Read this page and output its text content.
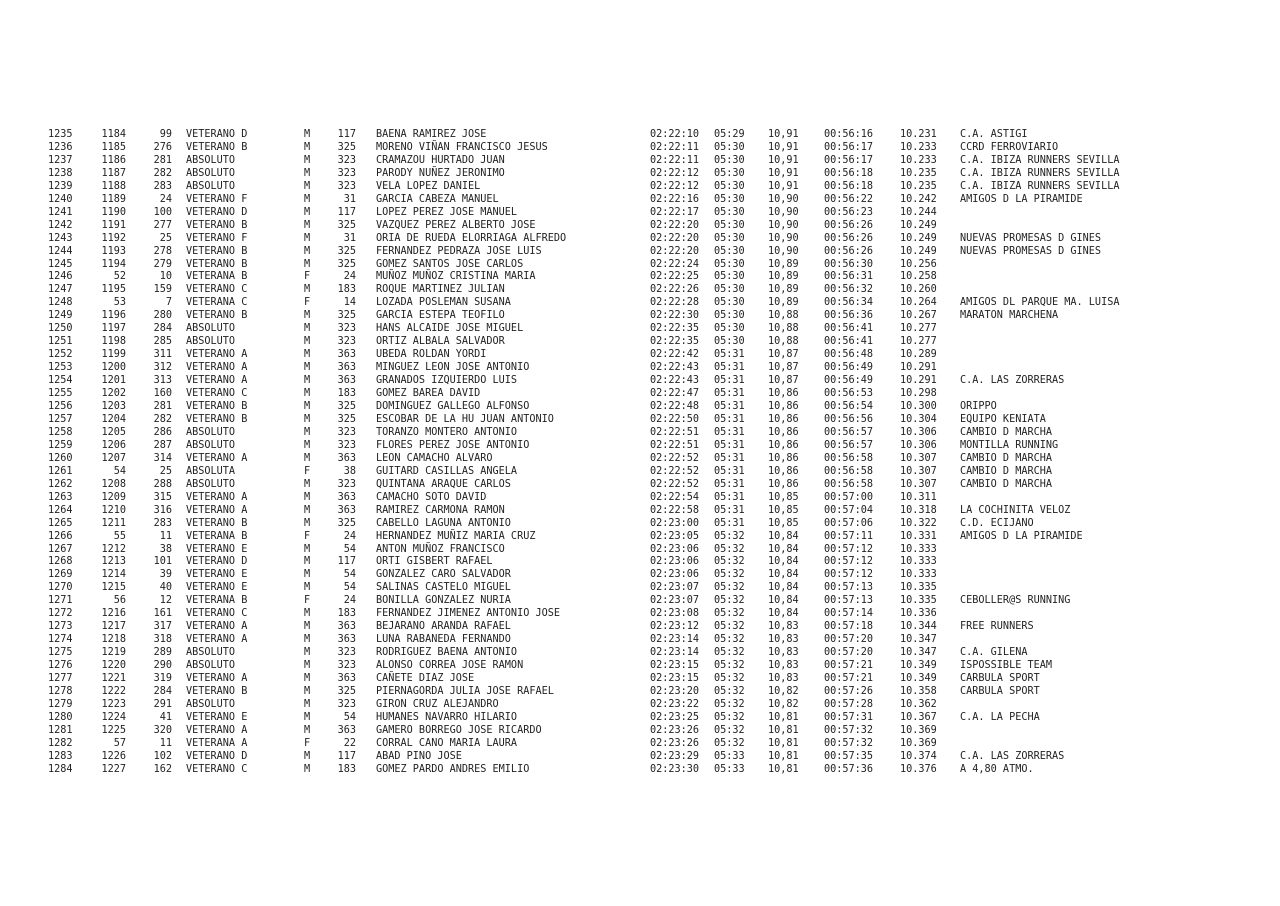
1235	1184	99	VETERANO D	M	117	BAENA RAMIREZ JOSE	02:22:10	05:29	10,91	00:56:16	10.231	C.A. ASTIGI
1236	1185	276	VETERANO B	M	325	MORENO VIÑAN FRANCISCO JESUS	02:22:11	05:30	10,91	00:56:17	10.233	CCRD FERROVIARIO
1237	1186	281	ABSOLUTO	M	323	CRAMAZOU HURTADO JUAN	02:22:11	05:30	10,91	00:56:17	10.233	C.A. IBIZA RUNNERS SEVILLA
1238	1187	282	ABSOLUTO	M	323	PARODY NUÑEZ JERONIMO	02:22:12	05:30	10,91	00:56:18	10.235	C.A. IBIZA RUNNERS SEVILLA
1239	1188	283	ABSOLUTO	M	323	VELA LOPEZ DANIEL	02:22:12	05:30	10,91	00:56:18	10.235	C.A. IBIZA RUNNERS SEVILLA
1240	1189	24	VETERANO F	M	31	GARCIA CABEZA MANUEL	02:22:16	05:30	10,90	00:56:22	10.242	AMIGOS D LA PIRAMIDE
1241	1190	100	VETERANO D	M	117	LOPEZ PEREZ JOSE MANUEL	02:22:17	05:30	10,90	00:56:23	10.244	
1242	1191	277	VETERANO B	M	325	VAZQUEZ PEREZ ALBERTO JOSE	02:22:20	05:30	10,90	00:56:26	10.249	
1243	1192	25	VETERANO F	M	31	ORIA DE RUEDA ELORRIAGA ALFREDO	02:22:20	05:30	10,90	00:56:26	10.249	NUEVAS PROMESAS D GINES
1244	1193	278	VETERANO B	M	325	FERNANDEZ PEDRAZA JOSE LUIS	02:22:20	05:30	10,90	00:56:26	10.249	NUEVAS PROMESAS D GINES
1245	1194	279	VETERANO B	M	325	GOMEZ SANTOS JOSE CARLOS	02:22:24	05:30	10,89	00:56:30	10.256	
1246	52	10	VETERANA B	F	24	MUÑOZ MUÑOZ CRISTINA MARIA	02:22:25	05:30	10,89	00:56:31	10.258	
1247	1195	159	VETERANO C	M	183	ROQUE MARTINEZ JULIAN	02:22:26	05:30	10,89	00:56:32	10.260	
1248	53	7	VETERANA C	F	14	LOZADA POSLEMAN SUSANA	02:22:28	05:30	10,89	00:56:34	10.264	AMIGOS DL PARQUE MA. LUISA
1249	1196	280	VETERANO B	M	325	GARCIA ESTEPA TEOFILO	02:22:30	05:30	10,88	00:56:36	10.267	MARATON MARCHENA
1250	1197	284	ABSOLUTO	M	323	HANS ALCAIDE JOSE MIGUEL	02:22:35	05:30	10,88	00:56:41	10.277	
1251	1198	285	ABSOLUTO	M	323	ORTIZ ALBALA SALVADOR	02:22:35	05:30	10,88	00:56:41	10.277	
1252	1199	311	VETERANO A	M	363	UBEDA ROLDAN YORDI	02:22:42	05:31	10,87	00:56:48	10.289	
1253	1200	312	VETERANO A	M	363	MINGUEZ LEON JOSE ANTONIO	02:22:43	05:31	10,87	00:56:49	10.291	
1254	1201	313	VETERANO A	M	363	GRANADOS IZQUIERDO LUIS	02:22:43	05:31	10,87	00:56:49	10.291	C.A. LAS ZORRERAS
1255	1202	160	VETERANO C	M	183	GOMEZ BAREA DAVID	02:22:47	05:31	10,86	00:56:53	10.298	
1256	1203	281	VETERANO B	M	325	DOMINGUEZ GALLEGO ALFONSO	02:22:48	05:31	10,86	00:56:54	10.300	ORIPPO
1257	1204	282	VETERANO B	M	325	ESCOBAR DE LA HU JUAN ANTONIO	02:22:50	05:31	10,86	00:56:56	10.304	EQUIPO KENIATA
1258	1205	286	ABSOLUTO	M	323	TORANZO MONTERO ANTONIO	02:22:51	05:31	10,86	00:56:57	10.306	CAMBIO D MARCHA
1259	1206	287	ABSOLUTO	M	323	FLORES PEREZ JOSE ANTONIO	02:22:51	05:31	10,86	00:56:57	10.306	MONTILLA RUNNING
1260	1207	314	VETERANO A	M	363	LEON CAMACHO ALVARO	02:22:52	05:31	10,86	00:56:58	10.307	CAMBIO D MARCHA
1261	54	25	ABSOLUTA	F	38	GUITARD CASILLAS ANGELA	02:22:52	05:31	10,86	00:56:58	10.307	CAMBIO D MARCHA
1262	1208	288	ABSOLUTO	M	323	QUINTANA ARAQUE CARLOS	02:22:52	05:31	10,86	00:56:58	10.307	CAMBIO D MARCHA
1263	1209	315	VETERANO A	M	363	CAMACHO SOTO DAVID	02:22:54	05:31	10,85	00:57:00	10.311	
1264	1210	316	VETERANO A	M	363	RAMIREZ CARMONA RAMON	02:22:58	05:31	10,85	00:57:04	10.318	LA COCHINITA VELOZ
1265	1211	283	VETERANO B	M	325	CABELLO LAGUNA ANTONIO	02:23:00	05:31	10,85	00:57:06	10.322	C.D. ECIJANO
1266	55	11	VETERANA B	F	24	HERNANDEZ MUÑIZ MARIA CRUZ	02:23:05	05:32	10,84	00:57:11	10.331	AMIGOS D LA PIRAMIDE
1267	1212	38	VETERANO E	M	54	ANTON MUÑOZ FRANCISCO	02:23:06	05:32	10,84	00:57:12	10.333	
1268	1213	101	VETERANO D	M	117	ORTI GISBERT RAFAEL	02:23:06	05:32	10,84	00:57:12	10.333	
1269	1214	39	VETERANO E	M	54	GONZALEZ CARO SALVADOR	02:23:06	05:32	10,84	00:57:12	10.333	
1270	1215	40	VETERANO E	M	54	SALINAS CASTELO MIGUEL	02:23:07	05:32	10,84	00:57:13	10.335	
1271	56	12	VETERANA B	F	24	BONILLA GONZALEZ NURIA	02:23:07	05:32	10,84	00:57:13	10.335	CEBOLLER@S RUNNING
1272	1216	161	VETERANO C	M	183	FERNANDEZ JIMENEZ ANTONIO JOSE	02:23:08	05:32	10,84	00:57:14	10.336	
1273	1217	317	VETERANO A	M	363	BEJARANO ARANDA RAFAEL	02:23:12	05:32	10,83	00:57:18	10.344	FREE RUNNERS
1274	1218	318	VETERANO A	M	363	LUNA RABANEDA FERNANDO	02:23:14	05:32	10,83	00:57:20	10.347	
1275	1219	289	ABSOLUTO	M	323	RODRIGUEZ BAENA ANTONIO	02:23:14	05:32	10,83	00:57:20	10.347	C.A. GILENA
1276	1220	290	ABSOLUTO	M	323	ALONSO CORREA JOSE RAMON	02:23:15	05:32	10,83	00:57:21	10.349	ISPOSSIBLE TEAM
1277	1221	319	VETERANO A	M	363	CAÑETE DIAZ JOSE	02:23:15	05:32	10,83	00:57:21	10.349	CARBULA SPORT
1278	1222	284	VETERANO B	M	325	PIERNAGORDA JULIA JOSE RAFAEL	02:23:20	05:32	10,82	00:57:26	10.358	CARBULA SPORT
1279	1223	291	ABSOLUTO	M	323	GIRON CRUZ ALEJANDRO	02:23:22	05:32	10,82	00:57:28	10.362	
1280	1224	41	VETERANO E	M	54	HUMANES NAVARRO HILARIO	02:23:25	05:32	10,81	00:57:31	10.367	C.A. LA PECHA
1281	1225	320	VETERANO A	M	363	GAMERO BORREGO JOSE RICARDO	02:23:26	05:32	10,81	00:57:32	10.369	
1282	57	11	VETERANA A	F	22	CORRAL CANO MARIA LAURA	02:23:26	05:32	10,81	00:57:32	10.369	
1283	1226	102	VETERANO D	M	117	ABAD PINO JOSE	02:23:29	05:33	10,81	00:57:35	10.374	C.A. LAS ZORRERAS
1284	1227	162	VETERANO C	M	183	GOMEZ PARDO ANDRES EMILIO	02:23:30	05:33	10,81	00:57:36	10.376	A 4,80 ATMO.
